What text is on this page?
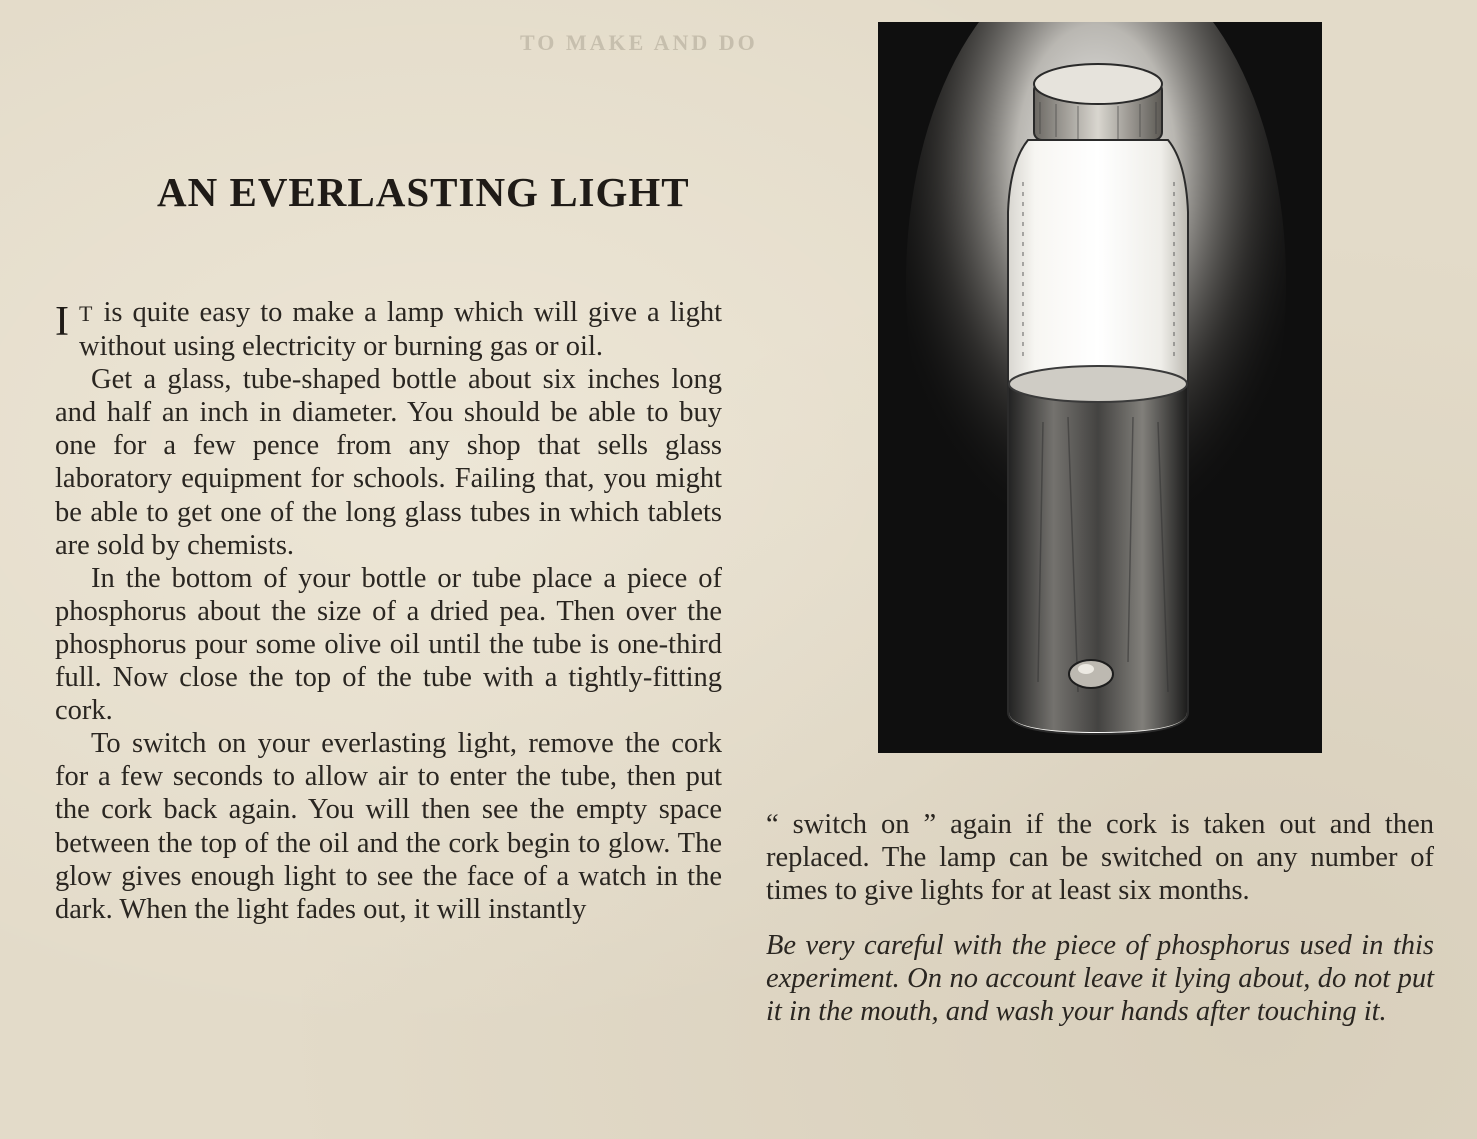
TO MAKE AND DO
AN EVERLASTING LIGHT

I T is quite easy to make a lamp which will give a light without using electricity or burning gas or oil.

Get a glass, tube-shaped bottle about six inches long and half an inch in diameter. You should be able to buy one for a few pence from any shop that sells glass laboratory equipment for schools. Failing that, you might be able to get one of the long glass tubes in which tablets are sold by chemists.

In the bottom of your bottle or tube place a piece of phosphorus about the size of a dried pea. Then over the phosphorus pour some olive oil until the tube is one-third full. Now close the top of the tube with a tightly-fitting cork.

To switch on your everlasting light, remove the cork for a few seconds to allow air to enter the tube, then put the cork back again. You will then see the empty space between the top of the oil and the cork begin to glow. The glow gives enough light to see the face of a watch in the dark. When the light fades out, it will instantly

“ switch on ” again if the cork is taken out and then replaced. The lamp can be switched on any number of times to give lights for at least six months.

Be very careful with the piece of phosphorus used in this experiment. On no account leave it lying about, do not put it in the mouth, and wash your hands after touching it.
